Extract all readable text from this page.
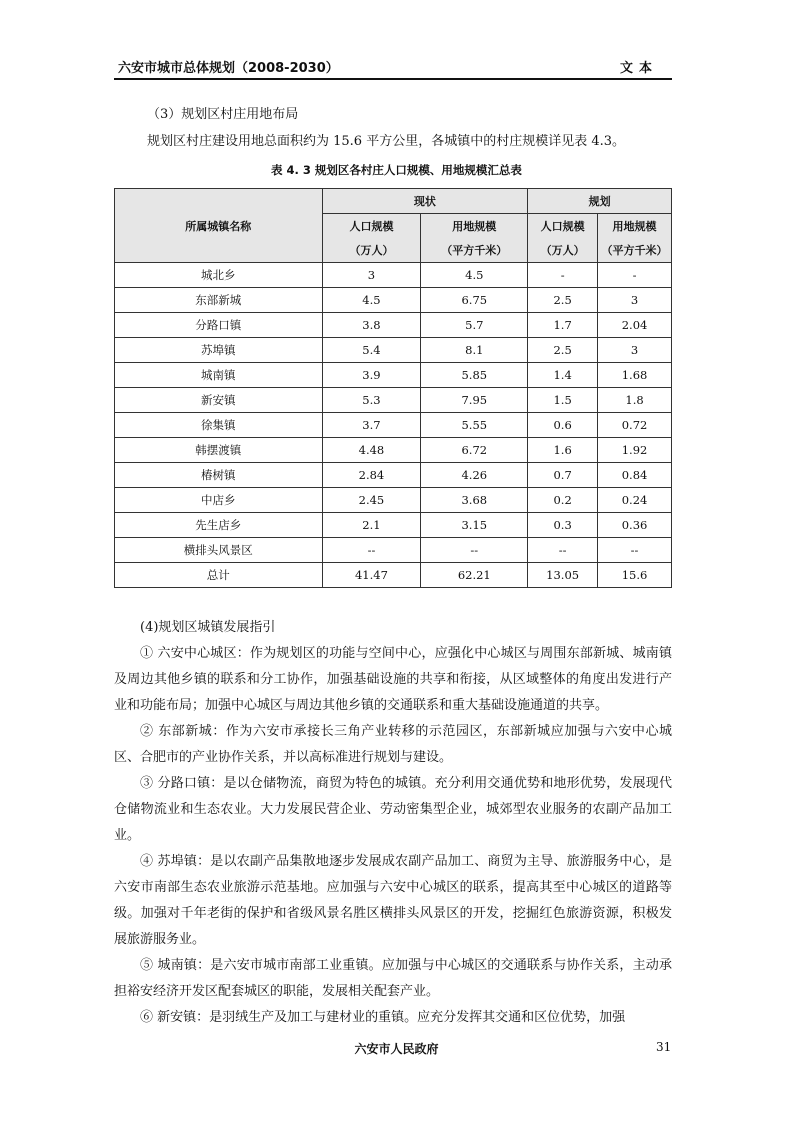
六安市城市总体规划（2008-2030）	文本
（3）规划区村庄用地布局
规划区村庄建设用地总面积约为 15.6 平方公里，各城镇中的村庄规模详见表 4.3。
表 4. 3 规划区各村庄人口规模、用地规模汇总表
所属城镇名称	现状		规划	
	人口规模	用地规模	人口规模	用地规模
	（万人）	（平方千米）	（万人）	（平方千米）
城北乡	3	4.5	-	-
东部新城	4.5	6.75	2.5	3
分路口镇	3.8	5.7	1.7	2.04
苏埠镇	5.4	8.1	2.5	3
城南镇	3.9	5.85	1.4	1.68
新安镇	5.3	7.95	1.5	1.8
徐集镇	3.7	5.55	0.6	0.72
韩摆渡镇	4.48	6.72	1.6	1.92
椿树镇	2.84	4.26	0.7	0.84
中店乡	2.45	3.68	0.2	0.24
先生店乡	2.1	3.15	0.3	0.36
横排头风景区	--	--	--	--
总计	41.47	62.21	13.05	15.6

(4)规划区城镇发展指引

① 六安中心城区：作为规划区的功能与空间中心，应强化中心城区与周围东部新城、城南镇及周边其他乡镇的联系和分工协作，加强基础设施的共享和衔接，从区域整体的角度出发进行产业和功能布局；加强中心城区与周边其他乡镇的交通联系和重大基础设施通道的共享。

② 东部新城：作为六安市承接长三角产业转移的示范园区，东部新城应加强与六安中心城区、合肥市的产业协作关系，并以高标准进行规划与建设。

③ 分路口镇：是以仓储物流，商贸为特色的城镇。充分利用交通优势和地形优势，发展现代仓储物流业和生态农业。大力发展民营企业、劳动密集型企业，城郊型农业服务的农副产品加工业。

④ 苏埠镇：是以农副产品集散地逐步发展成农副产品加工、商贸为主导、旅游服务中心，是六安市南部生态农业旅游示范基地。应加强与六安中心城区的联系，提高其至中心城区的道路等级。加强对千年老街的保护和省级风景名胜区横排头风景区的开发，挖掘红色旅游资源，积极发展旅游服务业。

⑤ 城南镇：是六安市城市南部工业重镇。应加强与中心城区的交通联系与协作关系，主动承担裕安经济开发区配套城区的职能，发展相关配套产业。

⑥ 新安镇：是羽绒生产及加工与建材业的重镇。应充分发挥其交通和区位优势，加强

六安市人民政府	31
